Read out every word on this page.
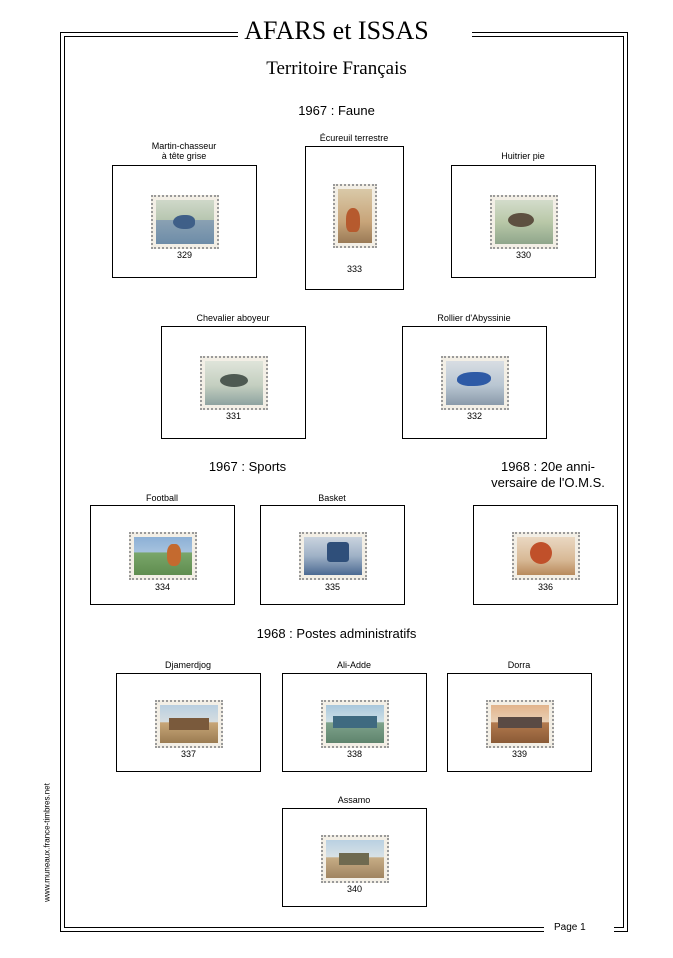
AFARS et ISSAS
Territoire Français
1967 : Faune
1967 : Sports	1968 : 20e anni-
versaire de l'O.M.S.
1968 : Postes administratifs
Martin-chasseur
à tête grise
329
Écureuil terrestre
333
Huitrier pie
330
Chevalier aboyeur
331
Rollier d'Abyssinie
332
Football
334
Basket
335	336
Djamerdjog
337
Ali-Adde
338
Dorra
339
Assamo
340
www.muneaux.france-timbres.net
Page 1
